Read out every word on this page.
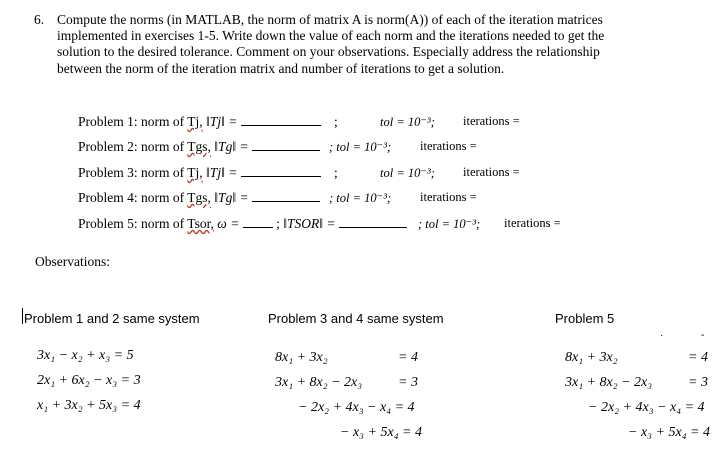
6. Compute the norms (in MATLAB, the norm of matrix A is norm(A)) of each of the iteration matrices implemented in exercises 1-5. Write down the value of each norm and the iterations needed to get the solution to the desired tolerance. Comment on your observations. Especially address the relationship between the norm of the iteration matrix and number of iterations to get a solution.
Problem 1: norm of Tj, ‖Tj‖ =	;	tol = 10⁻³; iterations =
Problem 2: norm of Tgs, ‖Tg‖ =	; tol = 10⁻³; iterations =
Problem 3: norm of Tj, ‖Tj‖ =	;	tol = 10⁻³; iterations =
Problem 4: norm of Tgs, ‖Tg‖ =	; tol = 10⁻³; iterations =
Problem 5: norm of Tsor, ω =	; ‖TSOR‖ =	; tol = 10⁻³; iterations =
Observations:
Problem 1 and 2 same system	Problem 3 and 4 same system	Problem 5
3x₁ − x₂ + x₃ = 5
2x₁ + 6x₂ − x₃ = 3
x₁ + 3x₂ + 5x₃ = 4
8x₁ + 3x₂	= 4
3x₁ + 8x₂ − 2x₃	= 3
− 2x₂ + 4x₃ − x₄ = 4
− x₃ + 5x₄ = 4
8x₁ + 3x₂	= 4
˙	ˆ
3x₁ + 8x₂ − 2x₃	= 3
− 2x₂ + 4x₃ − x₄ = 4
− x₃ + 5x₄ = 4
